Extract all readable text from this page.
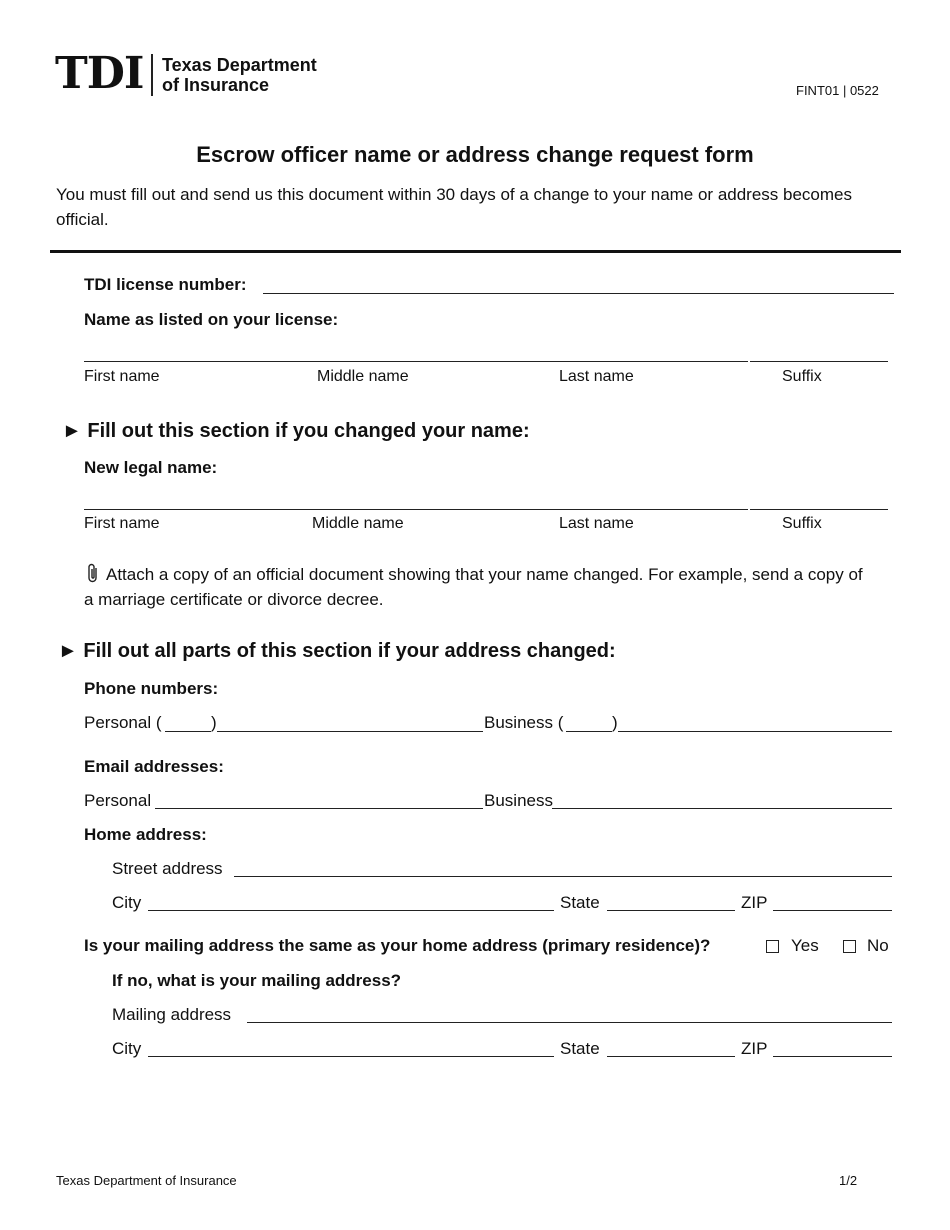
TDI Texas Department
of Insurance	FINT01 | 0522
Escrow officer name or address change request form
You must fill out and send us this document within 30 days of a change to your name or address becomes official.
TDI license number:
Name as listed on your license:
First name	Middle name	Last name	Suffix
► Fill out this section if you changed your name:
New legal name:
First name	Middle name	Last name	Suffix
Attach a copy of an official document showing that your name changed. For example, send a copy of a marriage certificate or divorce decree.
► Fill out all parts of this section if your address changed:
Phone numbers:
Personal (	)	Business (	)
Email addresses:
Personal	Business
Home address:
Street address
City	State	ZIP
Is your mailing address the same as your home address (primary residence)?	Yes	No
If no, what is your mailing address?
Mailing address
City	State	ZIP
Texas Department of Insurance	1/2
